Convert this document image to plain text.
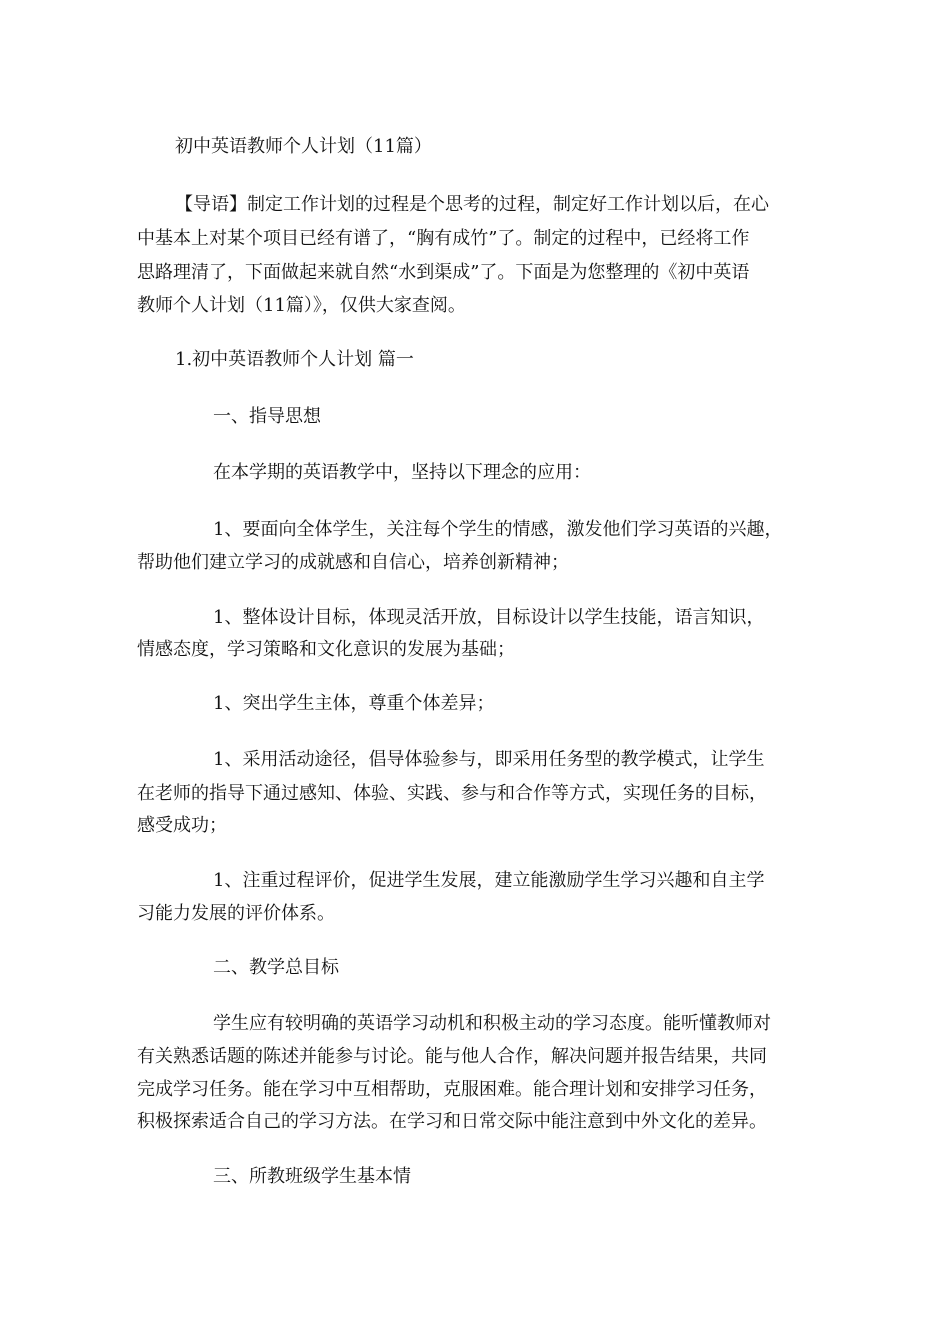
初中英语教师个人计划（11篇）

【导语】制定工作计划的过程是个思考的过程，制定好工作计划以后，在心

中基本上对某个项目已经有谱了，“胸有成竹”了。制定的过程中，已经将工作

思路理清了，下面做起来就自然“水到渠成”了。下面是为您整理的《初中英语

教师个人计划（11篇）》，仅供大家查阅。

1.初中英语教师个人计划 篇一

一、指导思想

在本学期的英语教学中，坚持以下理念的应用：

1、要面向全体学生，关注每个学生的情感，激发他们学习英语的兴趣，

帮助他们建立学习的成就感和自信心，培养创新精神；

1、整体设计目标，体现灵活开放，目标设计以学生技能，语言知识，

情感态度，学习策略和文化意识的发展为基础；

1、突出学生主体，尊重个体差异；

1、采用活动途径，倡导体验参与，即采用任务型的教学模式，让学生

在老师的指导下通过感知、体验、实践、参与和合作等方式，实现任务的目标，

感受成功；

1、注重过程评价，促进学生发展，建立能激励学生学习兴趣和自主学

习能力发展的评价体系。

二、教学总目标

学生应有较明确的英语学习动机和积极主动的学习态度。能听懂教师对

有关熟悉话题的陈述并能参与讨论。能与他人合作，解决问题并报告结果，共同

完成学习任务。能在学习中互相帮助，克服困难。能合理计划和安排学习任务，

积极探索适合自己的学习方法。在学习和日常交际中能注意到中外文化的差异。

三、所教班级学生基本情
